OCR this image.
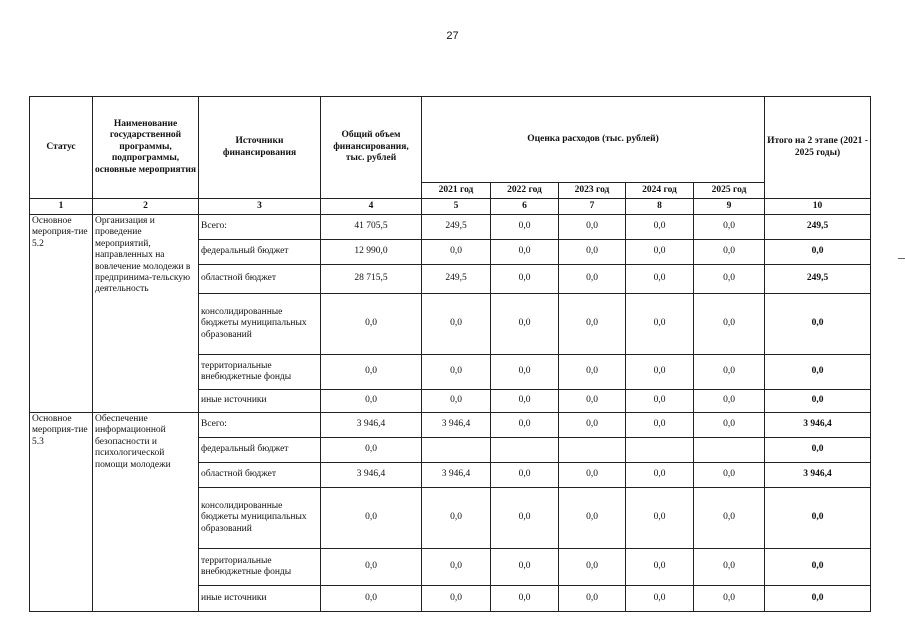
27
Статус	Наименование государственной программы, подпрограммы, основные мероприятия	Источники финансирования	Общий объем финансирования, тыс. рублей	Оценка расходов (тыс. рублей)					Итого на 2 этапе (2021 - 2025 годы)
				2021 год	2022 год	2023 год	2024 год	2025 год	
1	2	3	4	5	6	7	8	9	10
Основное мероприя-тие 5.2	Организация и проведение мероприятий, направленных на вовлечение молодежи в предпринима-тельскую деятельность	Всего:	41 705,5	249,5	0,0	0,0	0,0	0,0	249,5
		федеральный бюджет	12 990,0	0,0	0,0	0,0	0,0	0,0	0,0
		областной бюджет	28 715,5	249,5	0,0	0,0	0,0	0,0	249,5
		консолидированные бюджеты муниципальных образований	0,0	0,0	0,0	0,0	0,0	0,0	0,0
		территориальные внебюджетные фонды	0,0	0,0	0,0	0,0	0,0	0,0	0,0
		иные источники	0,0	0,0	0,0	0,0	0,0	0,0	0,0
Основное мероприя-тие 5.3	Обеспечение информационной безопасности и психологической помощи молодежи	Всего:	3 946,4	3 946,4	0,0	0,0	0,0	0,0	3 946,4
		федеральный бюджет	0,0						0,0
		областной бюджет	3 946,4	3 946,4	0,0	0,0	0,0	0,0	3 946,4
		консолидированные бюджеты муниципальных образований	0,0	0,0	0,0	0,0	0,0	0,0	0,0
		территориальные внебюджетные фонды	0,0	0,0	0,0	0,0	0,0	0,0	0,0
		иные источники	0,0	0,0	0,0	0,0	0,0	0,0	0,0
